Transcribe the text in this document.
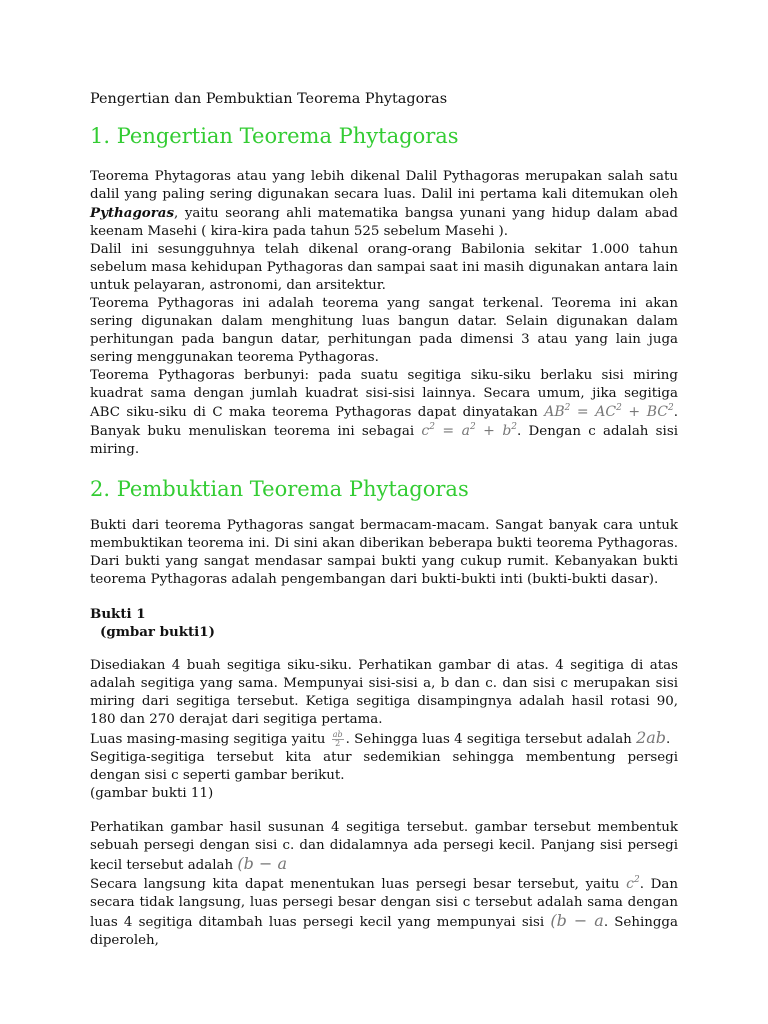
Pengertian dan Pembuktian Teorema Phytagoras
1. Pengertian Teorema Phytagoras

Teorema Phytagoras atau yang lebih dikenal Dalil Pythagoras merupakan salah satu dalil yang paling sering digunakan secara luas. Dalil ini pertama kali ditemukan oleh Pythagoras, yaitu seorang ahli matematika bangsa yunani yang hidup dalam abad keenam Masehi ( kira-kira pada tahun 525 sebelum Masehi ).

Dalil ini sesungguhnya telah dikenal orang-orang Babilonia sekitar 1.000 tahun sebelum masa kehidupan Pythagoras dan sampai saat ini masih digunakan antara lain untuk pelayaran, astronomi, dan arsitektur.

Teorema Pythagoras ini adalah teorema yang sangat terkenal. Teorema ini akan sering digunakan dalam menghitung luas bangun datar. Selain digunakan dalam perhitungan pada bangun datar, perhitungan pada dimensi 3 atau yang lain juga sering menggunakan teorema Pythagoras.

Teorema Pythagoras berbunyi: pada suatu segitiga siku-siku berlaku sisi miring kuadrat sama dengan jumlah kuadrat sisi-sisi lainnya. Secara umum, jika segitiga ABC siku-siku di C maka teorema Pythagoras dapat dinyatakan $AB^2 = AC^2 + BC^2$. Banyak buku menuliskan teorema ini sebagai $c^2 = a^2 + b^2$. Dengan c adalah sisi miring.

2. Pembuktian Teorema Phytagoras

Bukti dari teorema Pythagoras sangat bermacam-macam. Sangat banyak cara untuk membuktikan teorema ini. Di sini akan diberikan beberapa bukti teorema Pythagoras. Dari bukti yang sangat mendasar sampai bukti yang cukup rumit. Kebanyakan bukti teorema Pythagoras adalah pengembangan dari bukti-bukti inti (bukti-bukti dasar).

Bukti 1
(gmbar bukti1)

Disediakan 4 buah segitiga siku-siku. Perhatikan gambar di atas. 4 segitiga di atas adalah segitiga yang sama. Mempunyai sisi-sisi a, b dan c. dan sisi c merupakan sisi miring dari segitiga tersebut. Ketiga segitiga disampingnya adalah hasil rotasi 90, 180 dan 270 derajat dari segitiga pertama.

Luas masing-masing segitiga yaitu $\frac{ab}{2}$ . Sehingga luas 4 segitiga tersebut adalah 2ab.

Segitiga-segitiga tersebut kita atur sedemikian sehingga membentung persegi dengan sisi c seperti gambar berikut.

(gambar bukti 11)

Perhatikan gambar hasil susunan 4 segitiga tersebut. gambar tersebut membentuk sebuah persegi dengan sisi c. dan didalamnya ada persegi kecil. Panjang sisi persegi kecil tersebut adalah (b − a

Secara langsung kita dapat menentukan luas persegi besar tersebut, yaitu $c^2$. Dan secara tidak langsung, luas persegi besar dengan sisi c tersebut adalah sama dengan luas 4 segitiga ditambah luas persegi kecil yang mempunyai sisi (b − a. Sehingga diperoleh,
